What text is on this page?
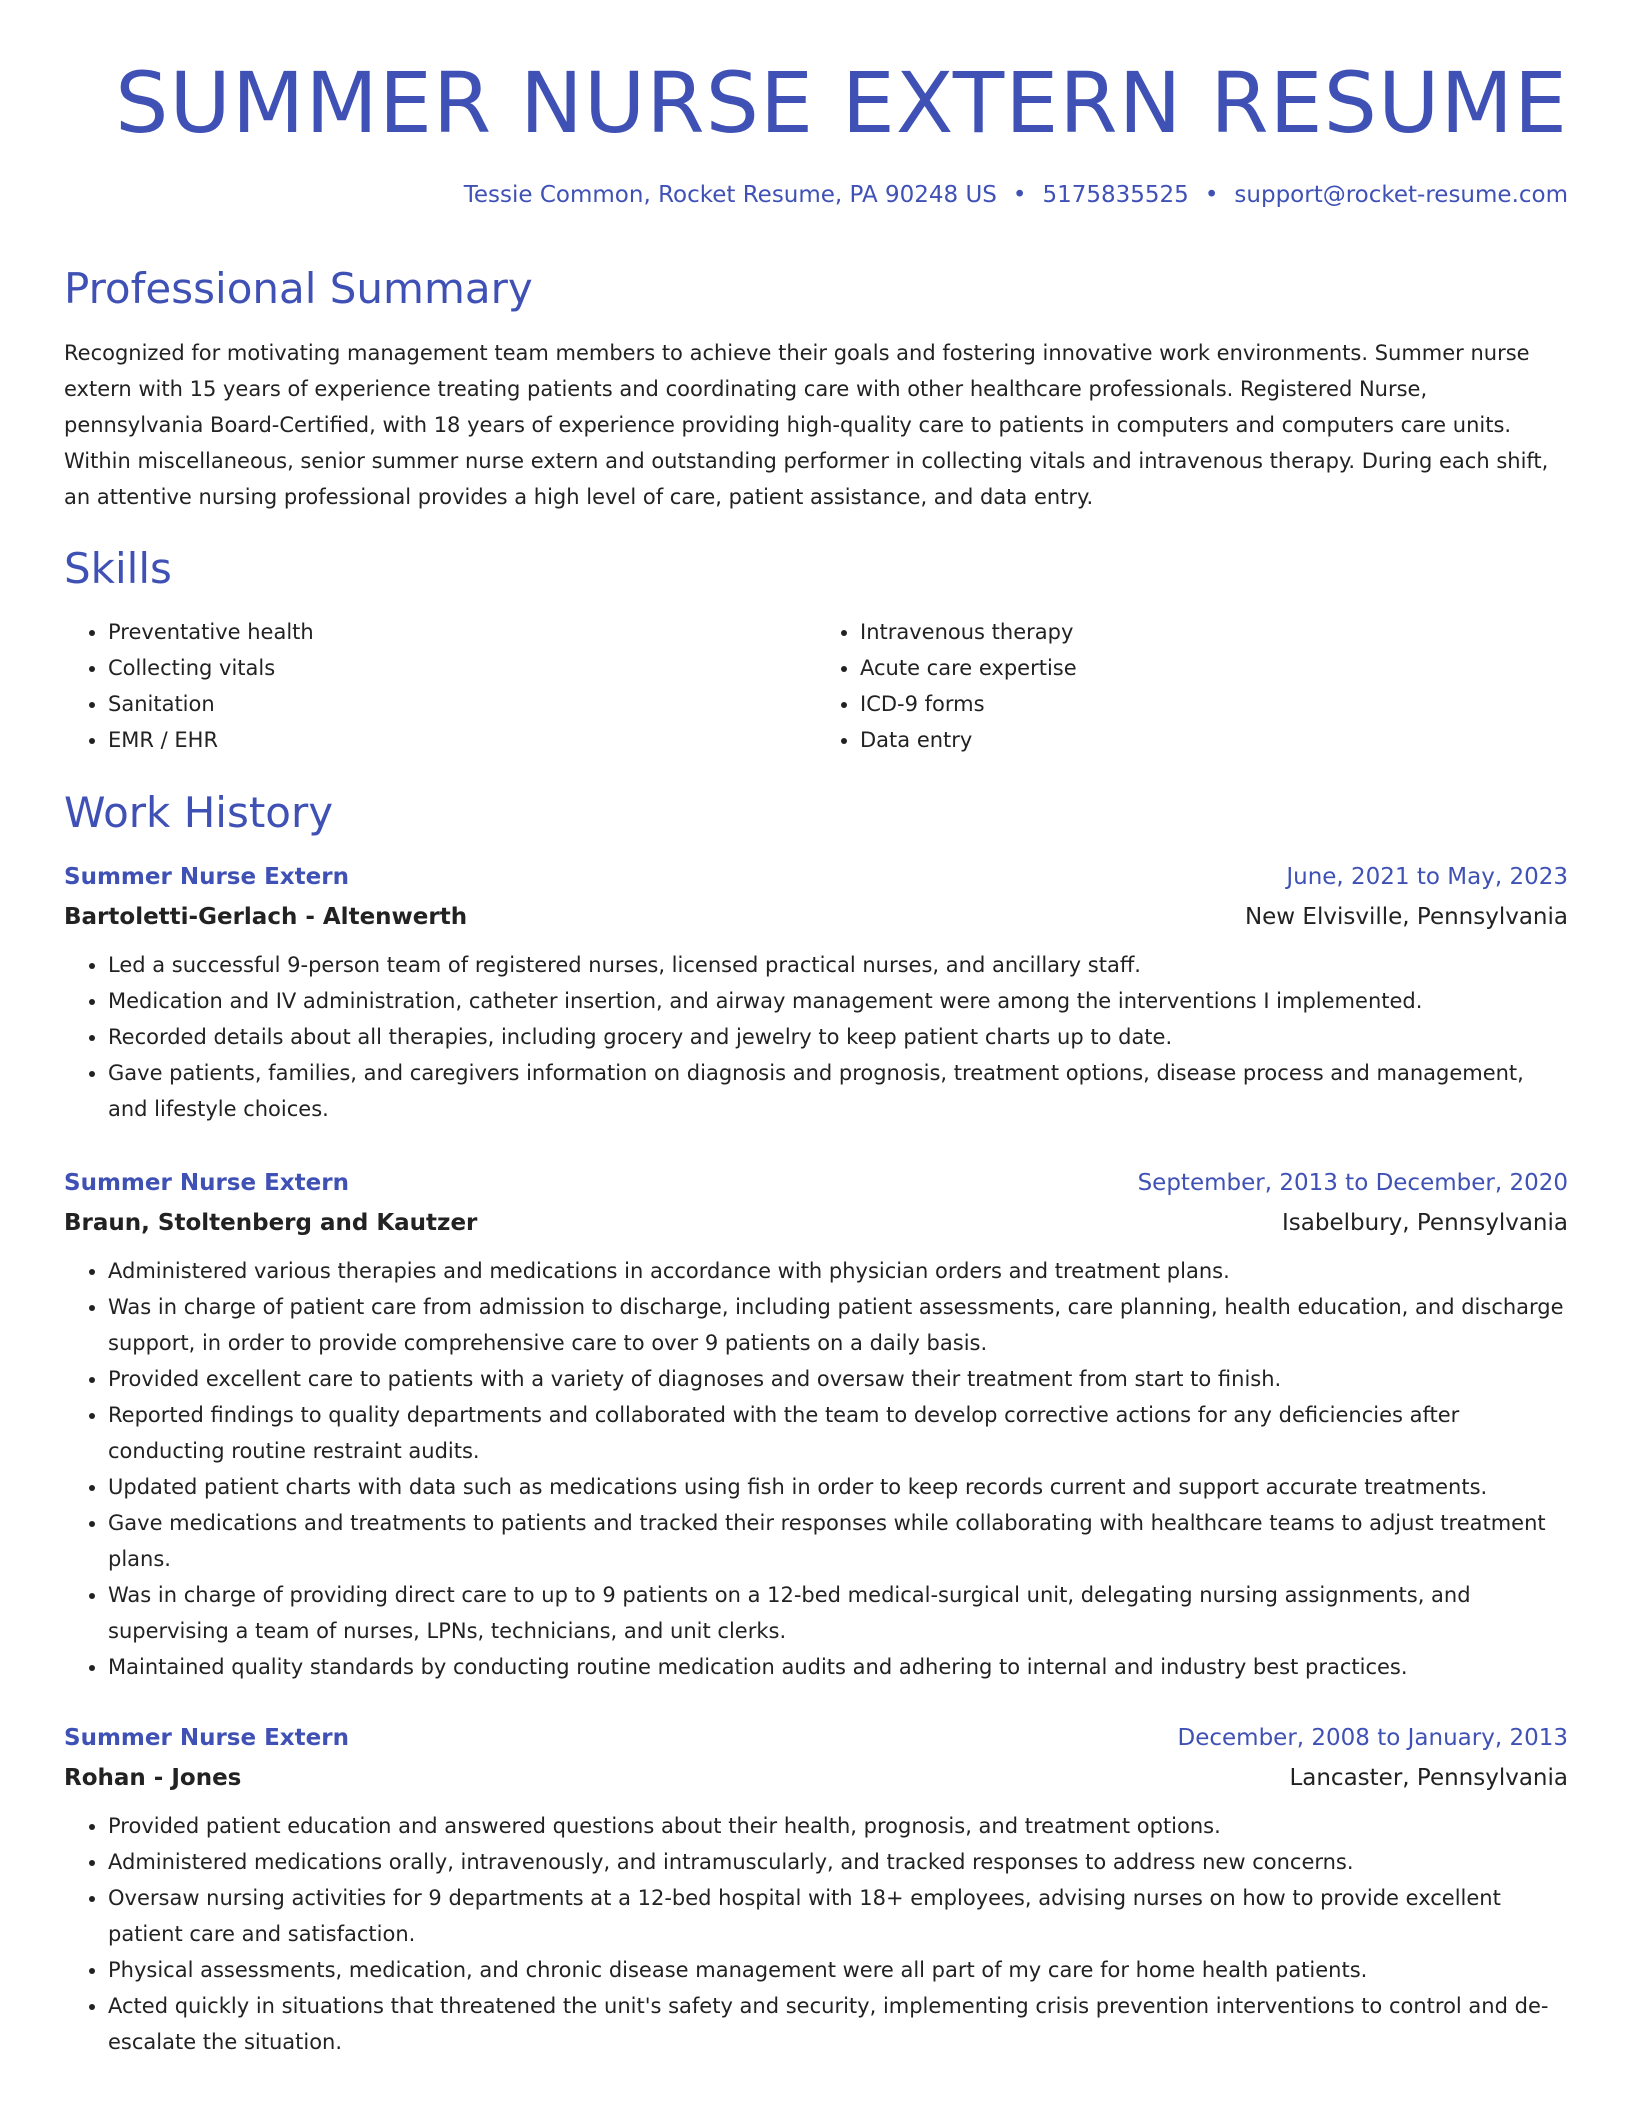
SUMMER NURSE EXTERN RESUME
Tessie Common, Rocket Resume, PA 90248 US • 5175835525 • support@rocket-resume.com
Professional Summary

Recognized for motivating management team members to achieve their goals and fostering innovative work environments. Summer nurse extern with 15 years of experience treating patients and coordinating care with other healthcare professionals. Registered Nurse, pennsylvania Board-Certified, with 18 years of experience providing high-quality care to patients in computers and computers care units. Within miscellaneous, senior summer nurse extern and outstanding performer in collecting vitals and intravenous therapy. During each shift, an attentive nursing professional provides a high level of care, patient assistance, and data entry.

Skills
• Preventative health
• Collecting vitals
• Sanitation
• EMR / EHR
• Intravenous therapy
• Acute care expertise
• ICD-9 forms
• Data entry
Work History
Summer Nurse Extern	June, 2021 to May, 2023
Bartoletti-Gerlach - Altenwerth	New Elvisville, Pennsylvania
• Led a successful 9-person team of registered nurses, licensed practical nurses, and ancillary staff.
• Medication and IV administration, catheter insertion, and airway management were among the interventions I implemented.
• Recorded details about all therapies, including grocery and jewelry to keep patient charts up to date.
• Gave patients, families, and caregivers information on diagnosis and prognosis, treatment options, disease process and management, and lifestyle choices.
Summer Nurse Extern	September, 2013 to December, 2020
Braun, Stoltenberg and Kautzer	Isabelbury, Pennsylvania
• Administered various therapies and medications in accordance with physician orders and treatment plans.
• Was in charge of patient care from admission to discharge, including patient assessments, care planning, health education, and discharge support, in order to provide comprehensive care to over 9 patients on a daily basis.
• Provided excellent care to patients with a variety of diagnoses and oversaw their treatment from start to finish.
• Reported findings to quality departments and collaborated with the team to develop corrective actions for any deficiencies after conducting routine restraint audits.
• Updated patient charts with data such as medications using fish in order to keep records current and support accurate treatments.
• Gave medications and treatments to patients and tracked their responses while collaborating with healthcare teams to adjust treatment plans.
• Was in charge of providing direct care to up to 9 patients on a 12-bed medical-surgical unit, delegating nursing assignments, and supervising a team of nurses, LPNs, technicians, and unit clerks.
• Maintained quality standards by conducting routine medication audits and adhering to internal and industry best practices.
Summer Nurse Extern	December, 2008 to January, 2013
Rohan - Jones	Lancaster, Pennsylvania
• Provided patient education and answered questions about their health, prognosis, and treatment options.
• Administered medications orally, intravenously, and intramuscularly, and tracked responses to address new concerns.
• Oversaw nursing activities for 9 departments at a 12-bed hospital with 18+ employees, advising nurses on how to provide excellent patient care and satisfaction.
• Physical assessments, medication, and chronic disease management were all part of my care for home health patients.
• Acted quickly in situations that threatened the unit's safety and security, implementing crisis prevention interventions to control and de-escalate the situation.
